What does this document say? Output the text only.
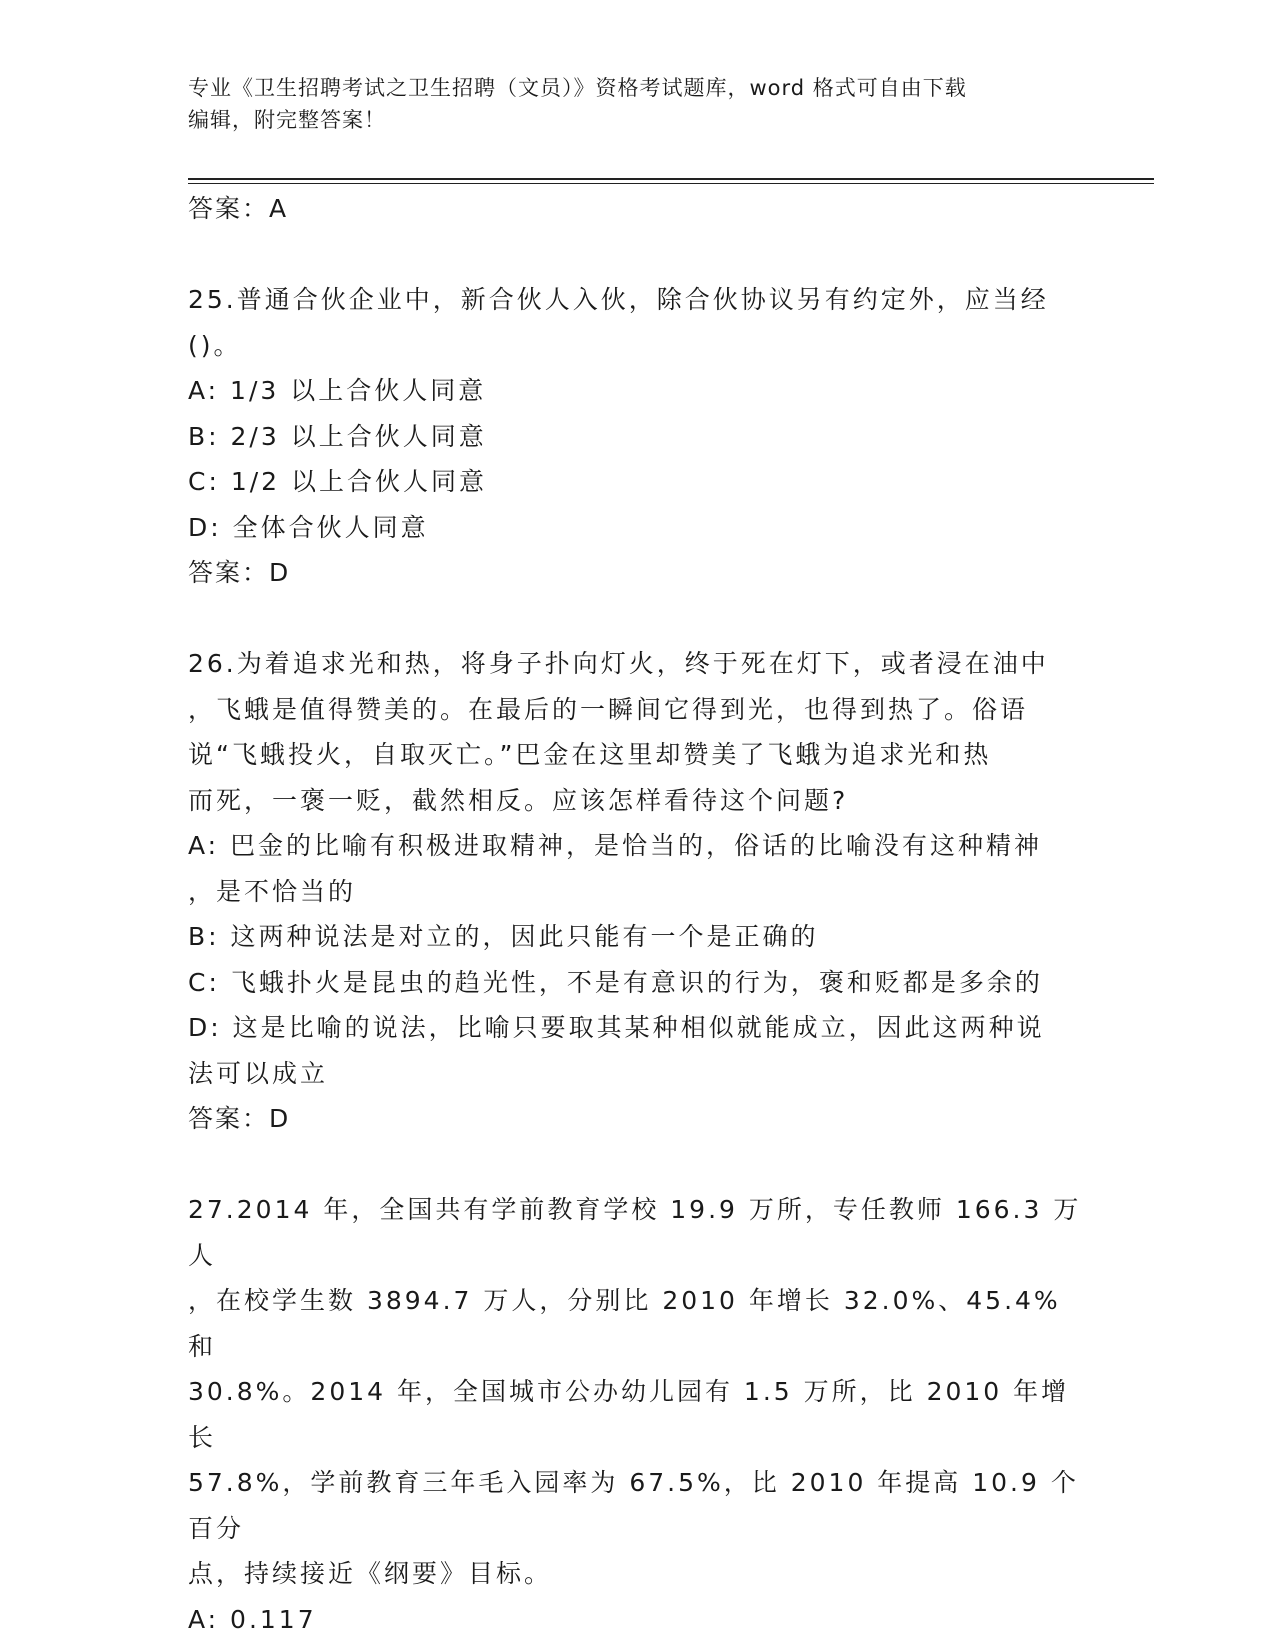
专业《卫生招聘考试之卫生招聘（文员）》资格考试题库，word 格式可自由下载
编辑，附完整答案！
答案：A
25.普通合伙企业中，新合伙人入伙，除合伙协议另有约定外，应当经
()。
A: 1/3 以上合伙人同意
B: 2/3 以上合伙人同意
C: 1/2 以上合伙人同意
D: 全体合伙人同意
答案：D
26.为着追求光和热，将身子扑向灯火，终于死在灯下，或者浸在油中
，飞蛾是值得赞美的。在最后的一瞬间它得到光，也得到热了。俗语
说“飞蛾投火，自取灭亡。”巴金在这里却赞美了飞蛾为追求光和热
而死，一褒一贬，截然相反。应该怎样看待这个问题?
A: 巴金的比喻有积极进取精神，是恰当的，俗话的比喻没有这种精神
，是不恰当的
B: 这两种说法是对立的，因此只能有一个是正确的
C: 飞蛾扑火是昆虫的趋光性，不是有意识的行为，褒和贬都是多余的
D: 这是比喻的说法，比喻只要取其某种相似就能成立，因此这两种说
法可以成立
答案：D
27.2014 年，全国共有学前教育学校 19.9 万所，专任教师 166.3 万人
，在校学生数 3894.7 万人，分别比 2010 年增长 32.0%、45.4%和
30.8%。2014 年，全国城市公办幼儿园有 1.5 万所，比 2010 年增长
57.8%，学前教育三年毛入园率为 67.5%，比 2010 年提高 10.9 个百分
点，持续接近《纲要》目标。
A: 0.117
